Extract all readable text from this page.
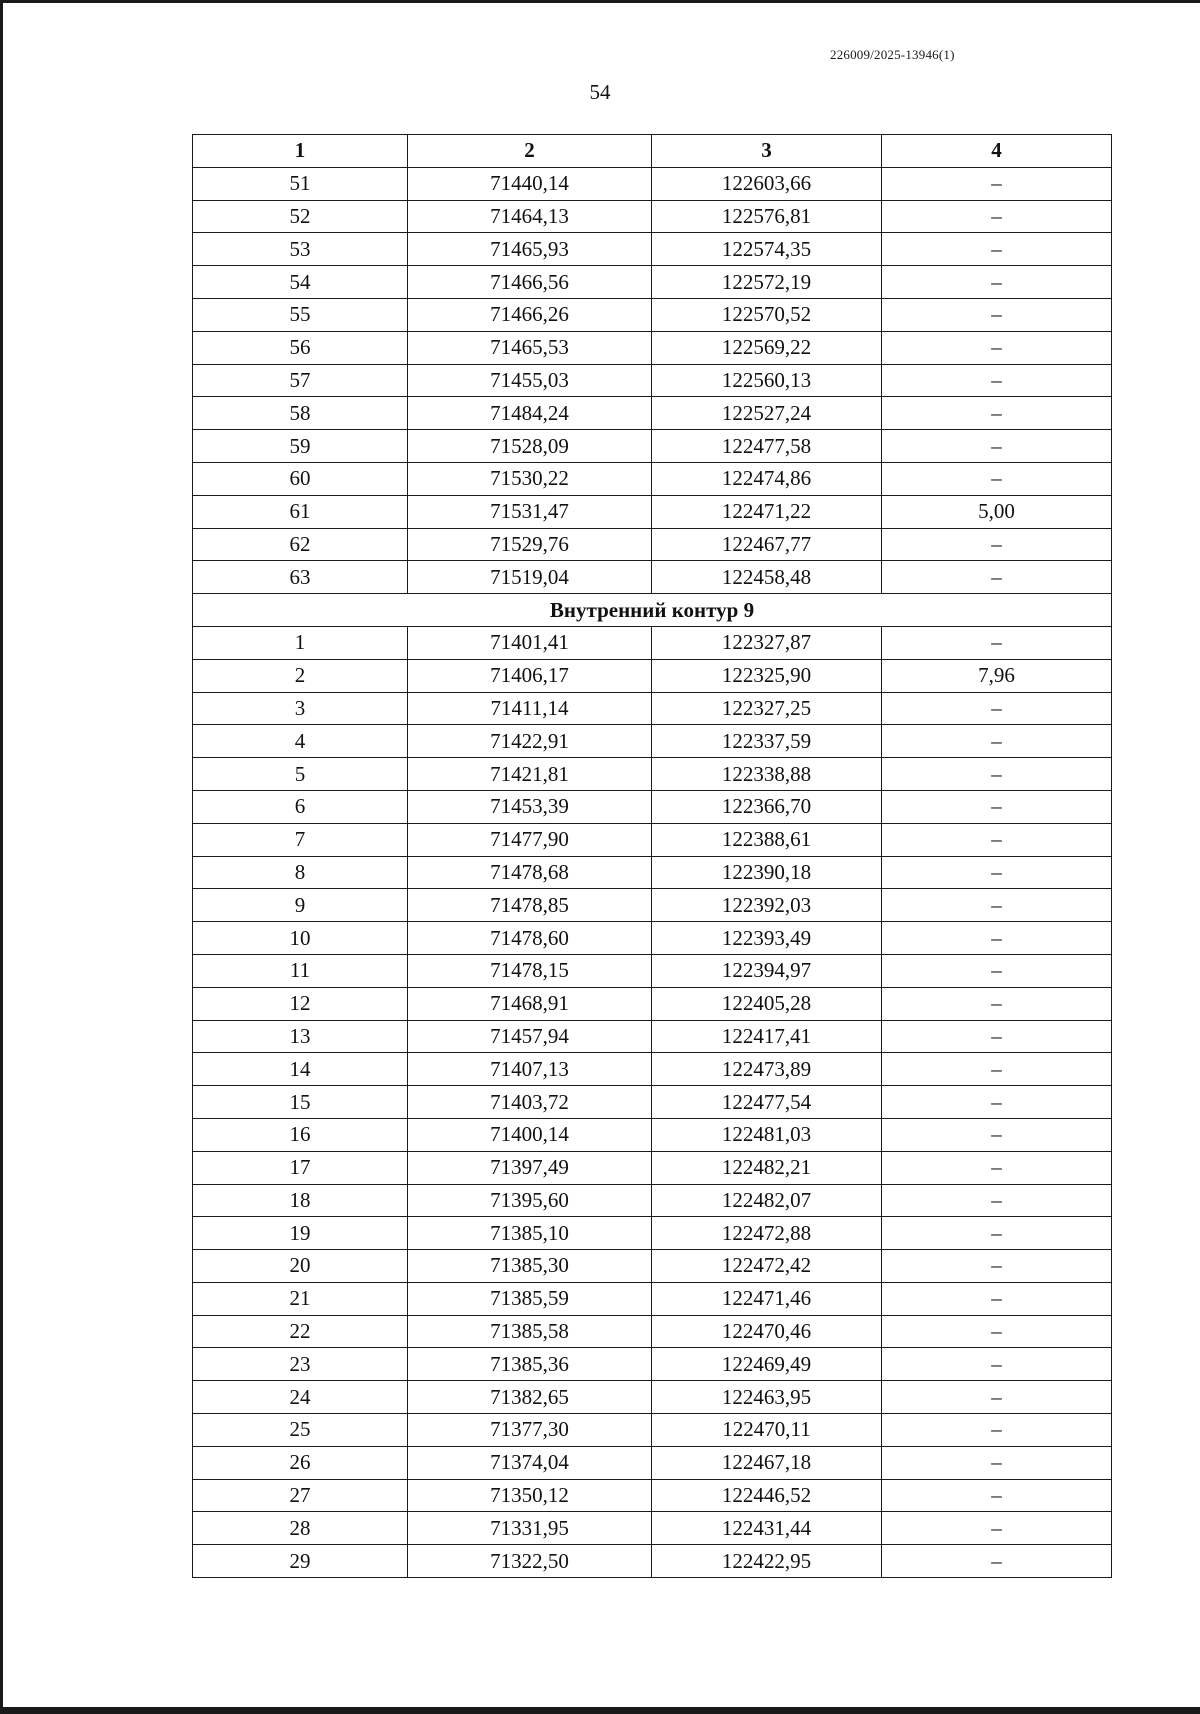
226009/2025-13946(1)
54
1	2	3	4
51	71440,14	122603,66	–
52	71464,13	122576,81	–
53	71465,93	122574,35	–
54	71466,56	122572,19	–
55	71466,26	122570,52	–
56	71465,53	122569,22	–
57	71455,03	122560,13	–
58	71484,24	122527,24	–
59	71528,09	122477,58	–
60	71530,22	122474,86	–
61	71531,47	122471,22	5,00
62	71529,76	122467,77	–
63	71519,04	122458,48	–
Внутренний контур 9			
1	71401,41	122327,87	–
2	71406,17	122325,90	7,96
3	71411,14	122327,25	–
4	71422,91	122337,59	–
5	71421,81	122338,88	–
6	71453,39	122366,70	–
7	71477,90	122388,61	–
8	71478,68	122390,18	–
9	71478,85	122392,03	–
10	71478,60	122393,49	–
11	71478,15	122394,97	–
12	71468,91	122405,28	–
13	71457,94	122417,41	–
14	71407,13	122473,89	–
15	71403,72	122477,54	–
16	71400,14	122481,03	–
17	71397,49	122482,21	–
18	71395,60	122482,07	–
19	71385,10	122472,88	–
20	71385,30	122472,42	–
21	71385,59	122471,46	–
22	71385,58	122470,46	–
23	71385,36	122469,49	–
24	71382,65	122463,95	–
25	71377,30	122470,11	–
26	71374,04	122467,18	–
27	71350,12	122446,52	–
28	71331,95	122431,44	–
29	71322,50	122422,95	–
